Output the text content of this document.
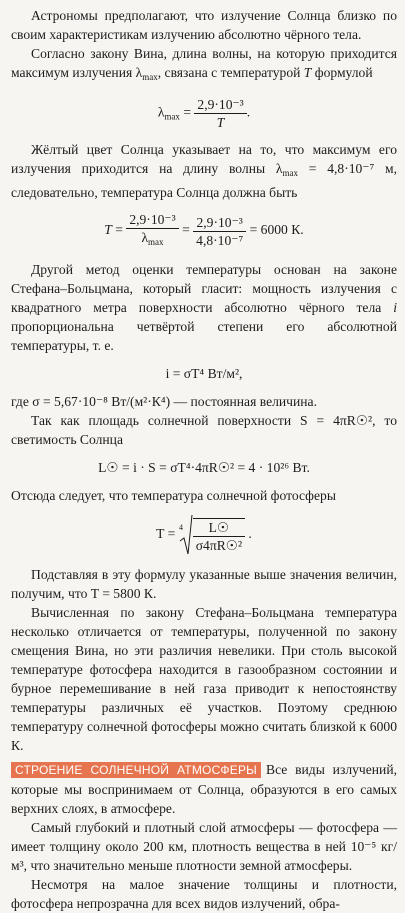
Астрономы предполагают, что излучение Солнца близко по своим характеристикам излучению абсолютно чёрного тела.

Согласно закону Вина, длина волны, на которую приходится максимум излучения $\lambda_{max}$, связана с температурой T формулой

$\lambda_{max} = \frac{\text{2,9·10⁻³}}{T}$ .

Жёлтый цвет Солнца указывает на то, что максимум его излучения приходится на длину волны $\lambda_{max} = 4,8\cdot 10^{-7}$ м, следовательно, температура Солнца должна быть

$T = \frac{\text{2,9·10⁻³}}{\lambda_{max}} = \frac{\text{2,9·10⁻³}}{\text{4,8·10⁻⁷}} = 6000$ К.

Другой метод оценки температуры основан на законе Стефана–Больцмана, который гласит: мощность излучения с квадратного метра поверхности абсолютно чёрного тела i пропорциональна четвёртой степени его абсолютной температуры, т. е.

i = σT⁴ Вт/м²,

где σ = 5,67·10⁻⁸ Вт/(м²·К⁴) — постоянная величина.

Так как площадь солнечной поверхности S = 4πR☉², то светимость Солнца

L☉ = i · S = σT⁴·4πR☉² = 4 · 10²⁶ Вт.

Отсюда следует, что температура солнечной фотосферы

$T = 4 \frac{L☉}{\text{σ4πR☉²}}$ .

Подставляя в эту формулу указанные выше значения величин, получим, что T = 5800 К.

Вычисленная по закону Стефана–Больцмана температура несколько отличается от температуры, полученной по закону смещения Вина, но эти различия невелики. При столь высокой температуре фотосфера находится в газообразном состоянии и бурное перемешивание в ней газа приводит к непостоянству температуры различных её участков. Поэтому среднюю температуру солнечной фотосферы можно считать близкой к 6000 К.

СТРОЕНИЕ СОЛНЕЧНОЙ АТМОСФЕРЫ Все виды излучений, которые мы воспринимаем от Солнца, образуются в его самых верхних слоях, в атмосфере.

Самый глубокий и плотный слой атмосферы — фотосфера — имеет толщину около 200 км, плотность вещества в ней 10⁻⁵ кг/м³, что значительно меньше плотности земной атмосферы.

Несмотря на малое значение толщины и плотности, фотосфера непрозрачна для всех видов излучений, обра-
